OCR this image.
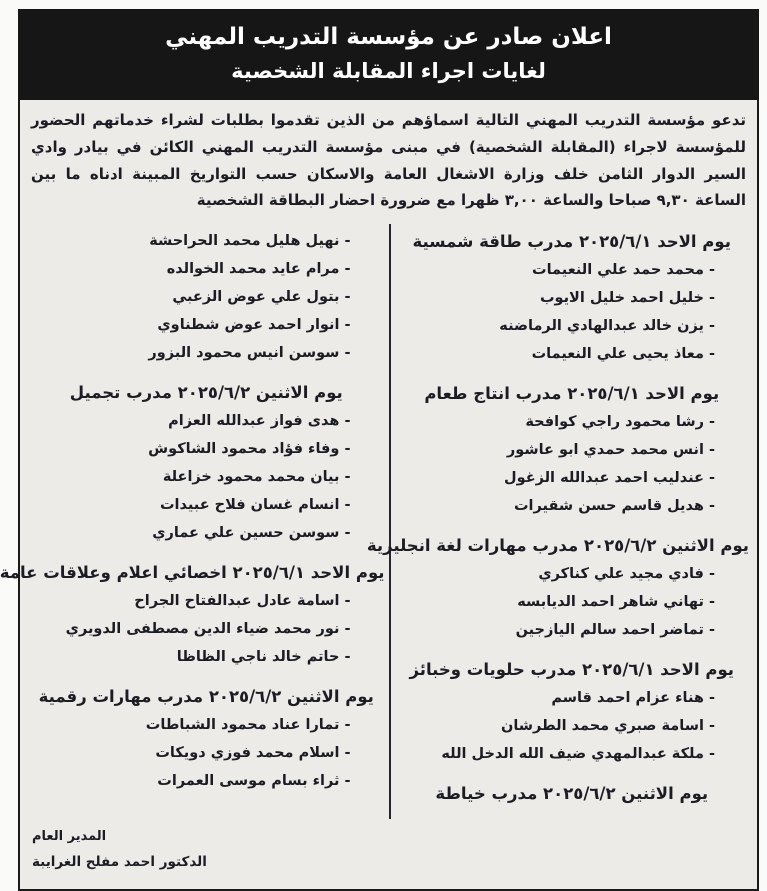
اعلان صادر عن مؤسسة التدريب المهني
لغايات اجراء المقابلة الشخصية

تدعو مؤسسة التدريب المهني التالية اسماؤهم من الذين تقدموا بطلبات لشراء خدماتهم الحضور للمؤسسة لاجراء (المقابلة الشخصية) في مبنى مؤسسة التدريب المهني الكائن في بيادر وادي السير الدوار الثامن خلف وزارة الاشغال العامة والاسكان حسب التواريخ المبينة ادناه ما بين الساعة ٩,٣٠ صباحا والساعة ٣,٠٠ ظهرا مع ضرورة احضار البطاقة الشخصية

يوم الاحد ٢٠٢٥/٦/١ مدرب طاقة شمسية
- محمد حمد علي النعيمات
- خليل احمد خليل الايوب
- يزن خالد عبدالهادي الرماضنه
- معاذ يحيى علي النعيمات
يوم الاحد ٢٠٢٥/٦/١ مدرب انتاج طعام
- رشا محمود راجي كوافحة
- انس محمد حمدي ابو عاشور
- عندليب احمد عبدالله الزغول
- هديل قاسم حسن شقيرات
يوم الاثنين ٢٠٢٥/٦/٢ مدرب مهارات لغة انجليزية
- فادي مجيد علي كناكري
- تهاني شاهر احمد الديابسه
- تماضر احمد سالم اليازجين
يوم الاحد ٢٠٢٥/٦/١ مدرب حلويات وخبائز
- هناء عزام احمد قاسم
- اسامة صبري محمد الطرشان
- ملكة عبدالمهدي ضيف الله الدخل الله
يوم الاثنين ٢٠٢٥/٦/٢ مدرب خياطة
- نهيل هليل محمد الحراحشة
- مرام عايد محمد الخوالده
- بتول علي عوض الزعبي
- انوار احمد عوض شطناوي
- سوسن انيس محمود البزور
يوم الاثنين ٢٠٢٥/٦/٢ مدرب تجميل
- هدى فواز عبدالله العزام
- وفاء فؤاد محمود الشاكوش
- بيان محمد محمود خزاعلة
- انسام غسان فلاح عبيدات
- سوسن حسين علي عماري
يوم الاحد ٢٠٢٥/٦/١ اخصائي اعلام وعلاقات عامة
- اسامة عادل عبدالفتاح الجراح
- نور محمد ضياء الدين مصطفى الدويري
- حاتم خالد ناجي الظاظا
يوم الاثنين ٢٠٢٥/٦/٢ مدرب مهارات رقمية
- تمارا عناد محمود الشباطات
- اسلام محمد فوزي دويكات
- ثراء بسام موسى العمرات
المدير العام
الدكتور احمد مفلح الغرايبة
